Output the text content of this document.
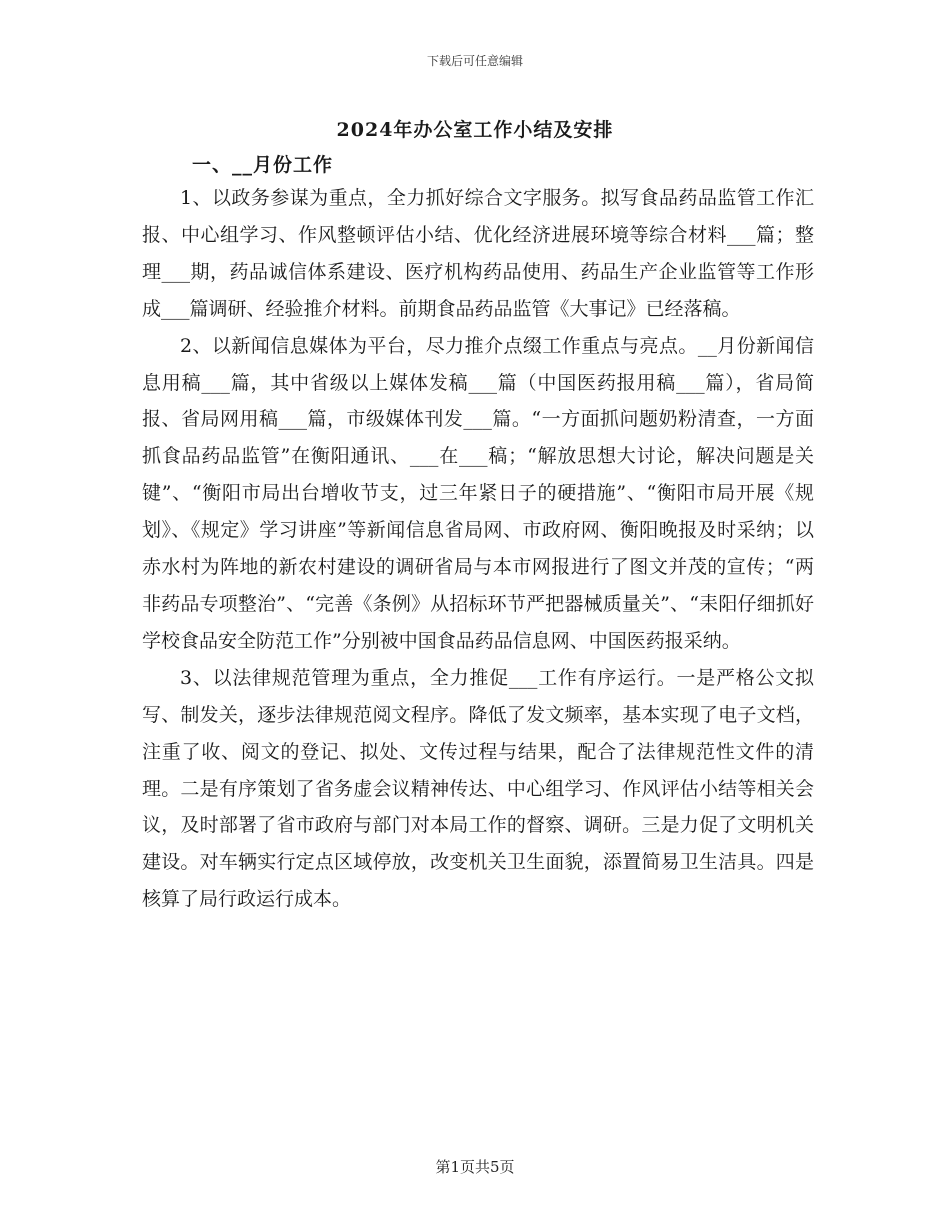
下载后可任意编辑
2024年办公室工作小结及安排
一、__月份工作

1、以政务参谋为重点，全力抓好综合文字服务。拟写食品药品监管工作汇报、中心组学习、作风整顿评估小结、优化经济进展环境等综合材料___篇；整理___期，药品诚信体系建设、医疗机构药品使用、药品生产企业监管等工作形成___篇调研、经验推介材料。前期食品药品监管《大事记》已经落稿。

2、以新闻信息媒体为平台，尽力推介点缀工作重点与亮点。__月份新闻信息用稿___篇，其中省级以上媒体发稿___篇（中国医药报用稿___篇），省局简报、省局网用稿___篇，市级媒体刊发___篇。“一方面抓问题奶粉清查，一方面抓食品药品监管”在衡阳通讯、___在___稿；“解放思想大讨论，解决问题是关键”、“衡阳市局出台增收节支，过三年紧日子的硬措施”、“衡阳市局开展《规划》、《规定》学习讲座”等新闻信息省局网、市政府网、衡阳晚报及时采纳；以赤水村为阵地的新农村建设的调研省局与本市网报进行了图文并茂的宣传；“两非药品专项整治”、“完善《条例》从招标环节严把器械质量关”、“耒阳仔细抓好学校食品安全防范工作”分别被中国食品药品信息网、中国医药报采纳。

3、以法律规范管理为重点，全力推促___工作有序运行。一是严格公文拟写、制发关，逐步法律规范阅文程序。降低了发文频率，基本实现了电子文档，注重了收、阅文的登记、拟处、文传过程与结果，配合了法律规范性文件的清理。二是有序策划了省务虚会议精神传达、中心组学习、作风评估小结等相关会议，及时部署了省市政府与部门对本局工作的督察、调研。三是力促了文明机关建设。对车辆实行定点区域停放，改变机关卫生面貌，添置简易卫生洁具。四是核算了局行政运行成本。

第1页共5页
